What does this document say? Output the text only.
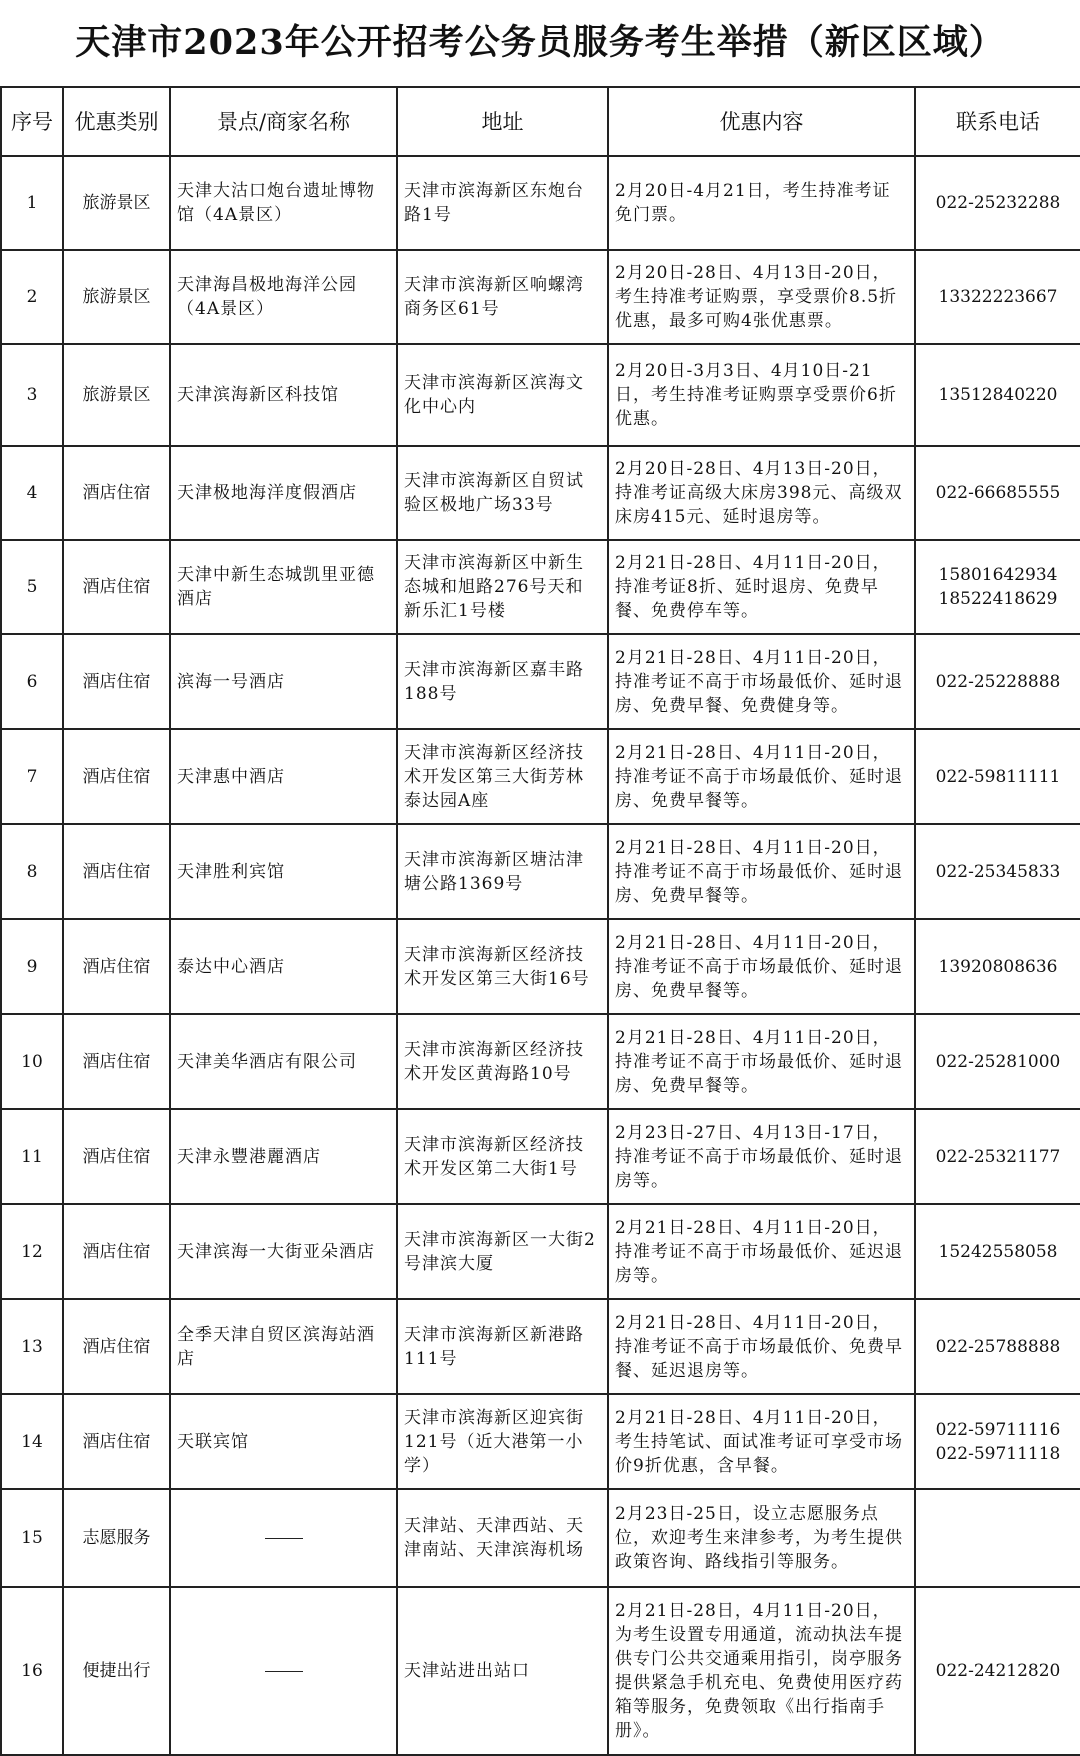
天津市2023年公开招考公务员服务考生举措（新区区域）
序号	优惠类别	景点/商家名称	地址	优惠内容	联系电话
1	旅游景区	天津大沽口炮台遗址博物馆（4A景区）	天津市滨海新区东炮台路1号	2月20日-4月21日，考生持准考证免门票。	022-25232288

2	旅游景区	天津海昌极地海洋公园（4A景区）	天津市滨海新区响螺湾商务区61号	2月20日-28日、4月13日-20日，考生持准考证购票，享受票价8.5折优惠，最多可购4张优惠票。	13322223667

3	旅游景区	天津滨海新区科技馆	天津市滨海新区滨海文化中心内	2月20日-3月3日、4月10日-21日，考生持准考证购票享受票价6折优惠。	13512840220

4	酒店住宿	天津极地海洋度假酒店	天津市滨海新区自贸试验区极地广场33号	2月20日-28日、4月13日-20日，持准考证高级大床房398元、高级双床房415元、延时退房等。	022-66685555

5	酒店住宿	天津中新生态城凯里亚德酒店	天津市滨海新区中新生态城和旭路276号天和新乐汇1号楼	2月21日-28日、4月11日-20日，持准考证8折、延时退房、免费早餐、免费停车等。	15801642934
18522418629

6	酒店住宿	滨海一号酒店	天津市滨海新区嘉丰路188号	2月21日-28日、4月11日-20日，持准考证不高于市场最低价、延时退房、免费早餐、免费健身等。	022-25228888

7	酒店住宿	天津惠中酒店	天津市滨海新区经济技术开发区第三大街芳林泰达园A座	2月21日-28日、4月11日-20日，持准考证不高于市场最低价、延时退房、免费早餐等。	022-59811111

8	酒店住宿	天津胜利宾馆	天津市滨海新区塘沽津塘公路1369号	2月21日-28日、4月11日-20日，持准考证不高于市场最低价、延时退房、免费早餐等。	022-25345833

9	酒店住宿	泰达中心酒店	天津市滨海新区经济技术开发区第三大街16号	2月21日-28日、4月11日-20日，持准考证不高于市场最低价、延时退房、免费早餐等。	13920808636

10	酒店住宿	天津美华酒店有限公司	天津市滨海新区经济技术开发区黄海路10号	2月21日-28日、4月11日-20日，持准考证不高于市场最低价、延时退房、免费早餐等。	022-25281000

11	酒店住宿	天津永豐港麗酒店	天津市滨海新区经济技术开发区第二大街1号	2月23日-27日、4月13日-17日，持准考证不高于市场最低价、延时退房等。	022-25321177

12	酒店住宿	天津滨海一大街亚朵酒店	天津市滨海新区一大街2号津滨大厦	2月21日-28日、4月11日-20日，持准考证不高于市场最低价、延迟退房等。	15242558058

13	酒店住宿	全季天津自贸区滨海站酒店	天津市滨海新区新港路111号	2月21日-28日、4月11日-20日，持准考证不高于市场最低价、免费早餐、延迟退房等。	022-25788888

14	酒店住宿	天联宾馆	天津市滨海新区迎宾街121号（近大港第一小学）	2月21日-28日、4月11日-20日，考生持笔试、面试准考证可享受市场价9折优惠，含早餐。	022-59711116
022-59711118

15	志愿服务		天津站、天津西站、天津南站、天津滨海机场	2月23日-25日，设立志愿服务点位，欢迎考生来津参考，为考生提供政策咨询、路线指引等服务。	
16	便捷出行		天津站进出站口	2月21日-28日，4月11日-20日，为考生设置专用通道，流动执法车提供专门公共交通乘用指引，岗亭服务提供紧急手机充电、免费使用医疗药箱等服务，免费领取《出行指南手册》。	022-24212820
